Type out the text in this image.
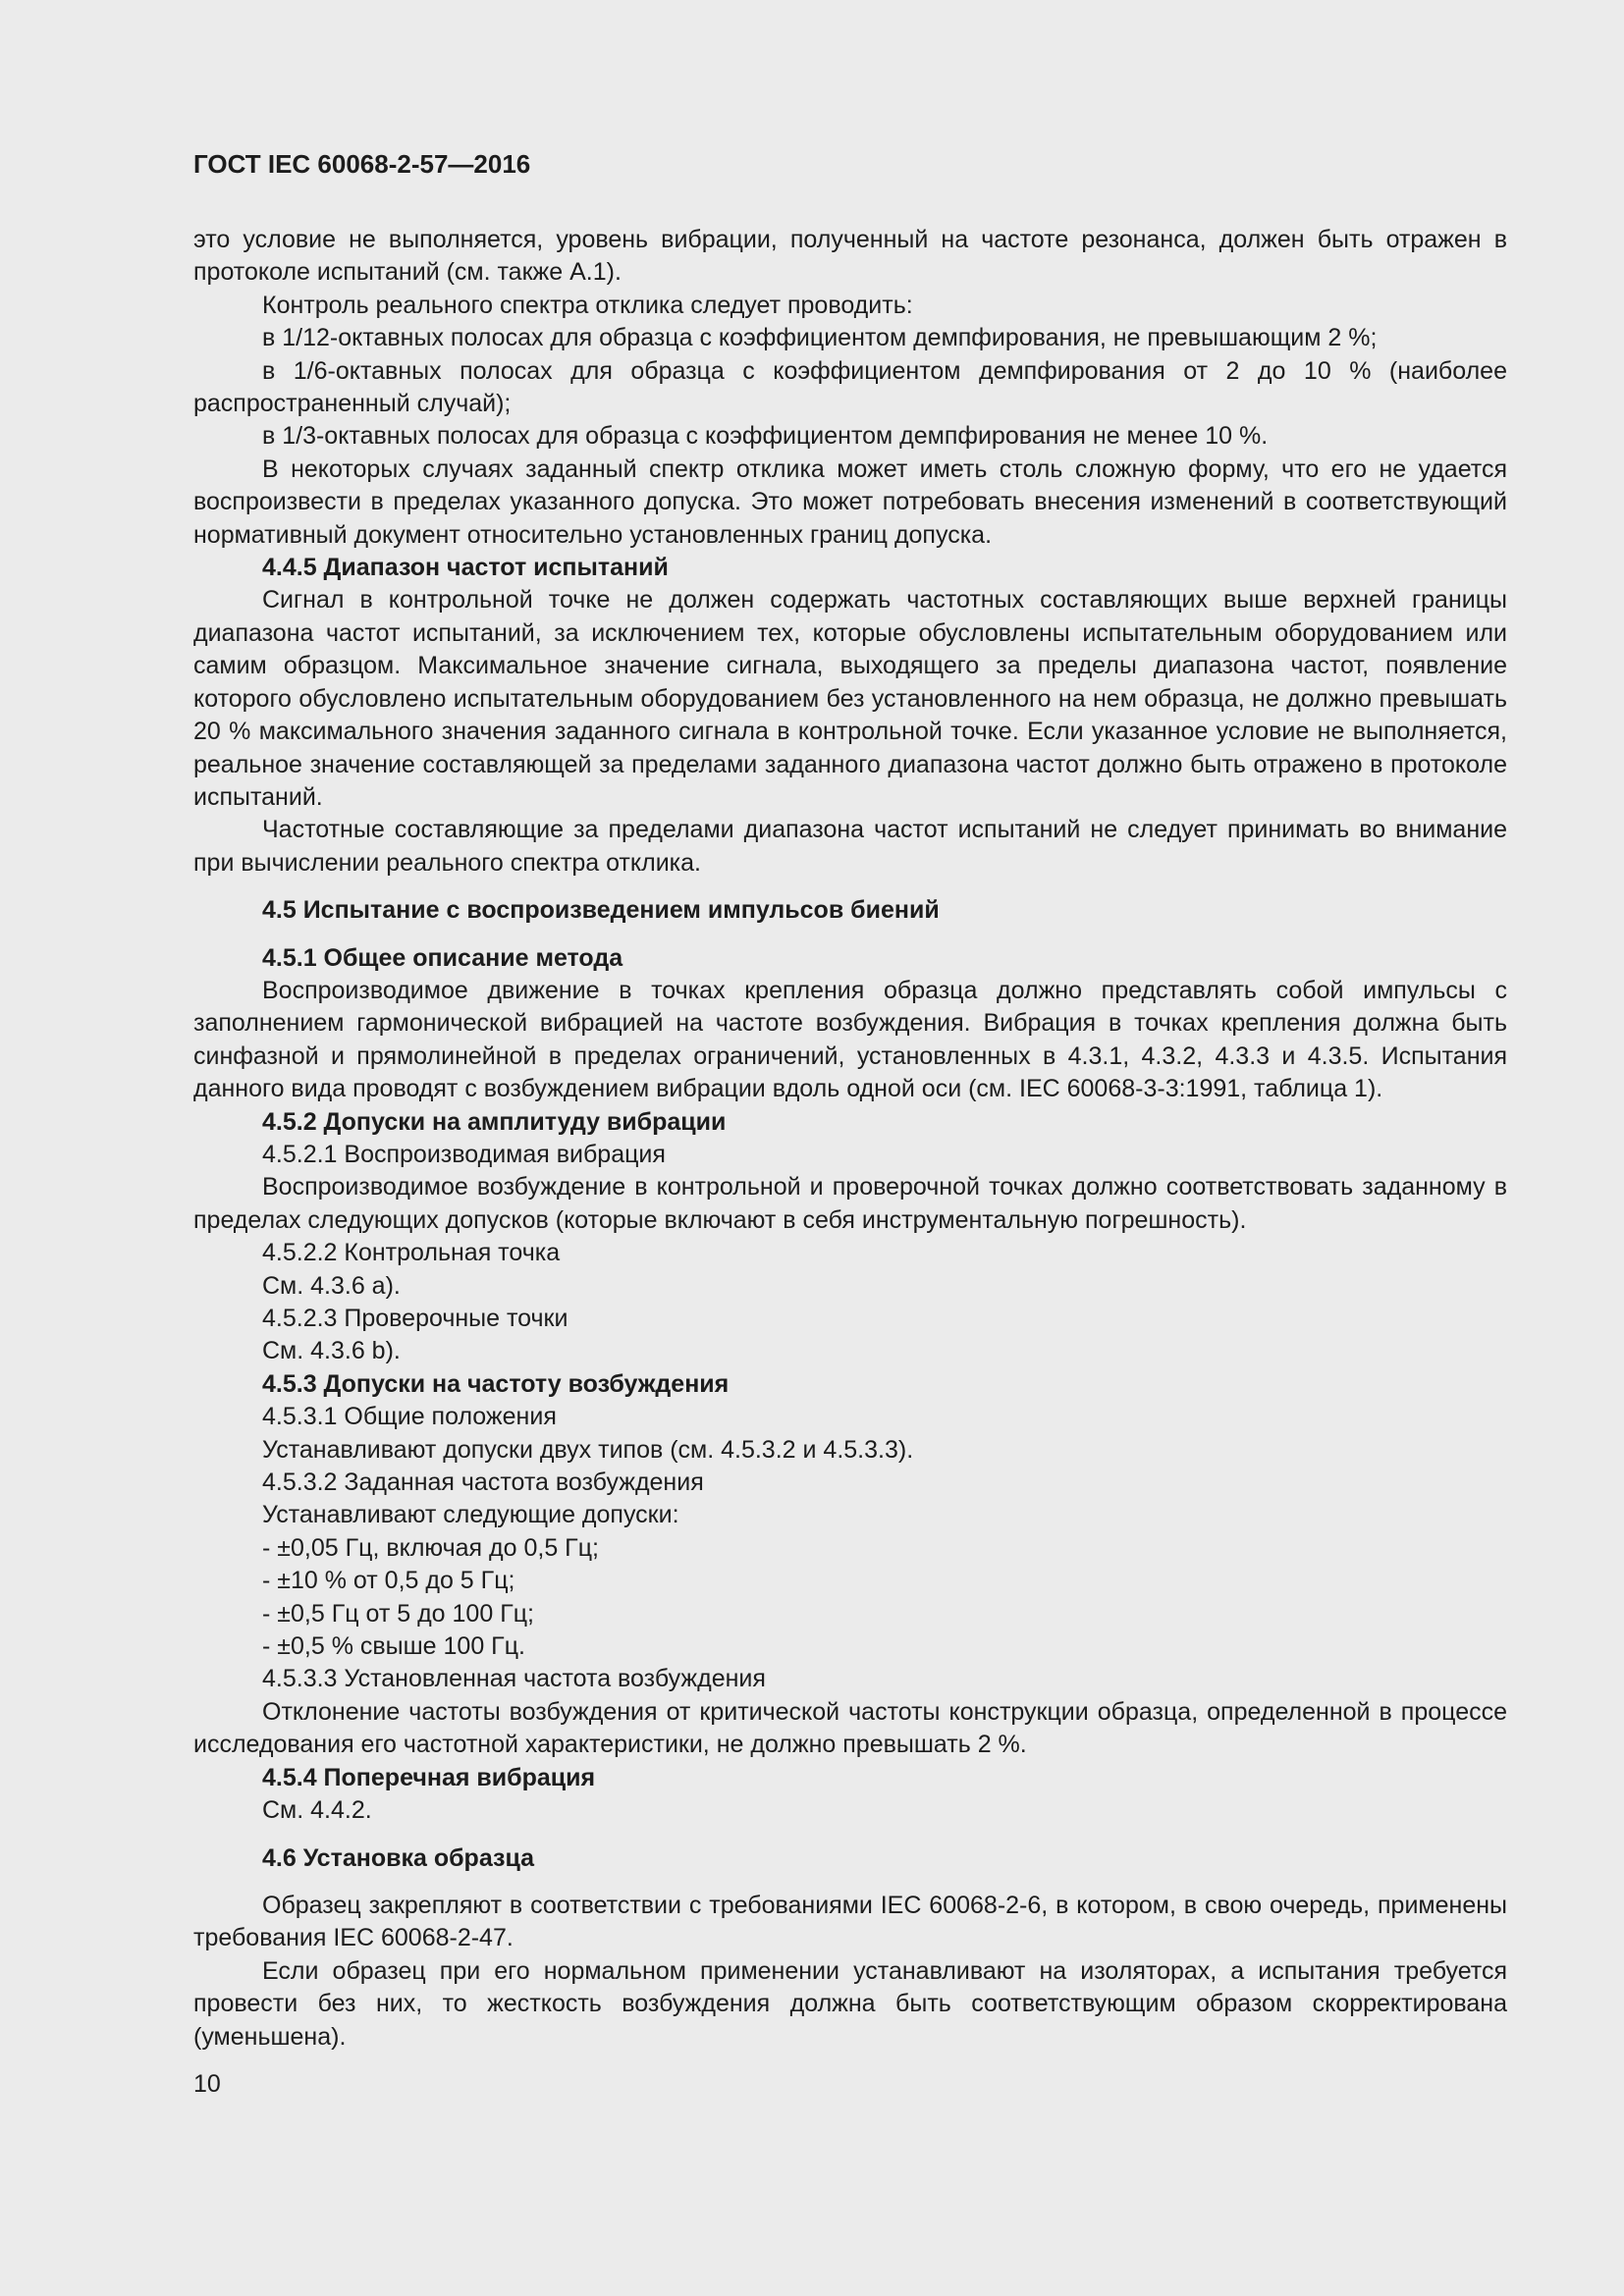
ГОСТ IEC 60068-2-57—2016

это условие не выполняется, уровень вибрации, полученный на частоте резонанса, должен быть отражен в протоколе испытаний (см. также А.1).

Контроль реального спектра отклика следует проводить:

в 1/12-октавных полосах для образца с коэффициентом демпфирования, не превышающим 2 %;

в 1/6-октавных полосах для образца с коэффициентом демпфирования от 2 до 10 % (наиболее распространенный случай);

в 1/3-октавных полосах для образца с коэффициентом демпфирования не менее 10 %.

В некоторых случаях заданный спектр отклика может иметь столь сложную форму, что его не удается воспроизвести в пределах указанного допуска. Это может потребовать внесения изменений в соответствующий нормативный документ относительно установленных границ допуска.

4.4.5 Диапазон частот испытаний

Сигнал в контрольной точке не должен содержать частотных составляющих выше верхней границы диапазона частот испытаний, за исключением тех, которые обусловлены испытательным оборудованием или самим образцом. Максимальное значение сигнала, выходящего за пределы диапазона частот, появление которого обусловлено испытательным оборудованием без установленного на нем образца, не должно превышать 20 % максимального значения заданного сигнала в контрольной точке. Если указанное условие не выполняется, реальное значение составляющей за пределами заданного диапазона частот должно быть отражено в протоколе испытаний.

Частотные составляющие за пределами диапазона частот испытаний не следует принимать во внимание при вычислении реального спектра отклика.

4.5 Испытание с воспроизведением импульсов биений

4.5.1 Общее описание метода

Воспроизводимое движение в точках крепления образца должно представлять собой импульсы с заполнением гармонической вибрацией на частоте возбуждения. Вибрация в точках крепления должна быть синфазной и прямолинейной в пределах ограничений, установленных в 4.3.1, 4.3.2, 4.3.3 и 4.3.5. Испытания данного вида проводят с возбуждением вибрации вдоль одной оси (см. IEC 60068-3-3:1991, таблица 1).

4.5.2 Допуски на амплитуду вибрации

4.5.2.1 Воспроизводимая вибрация

Воспроизводимое возбуждение в контрольной и проверочной точках должно соответствовать заданному в пределах следующих допусков (которые включают в себя инструментальную погрешность).

4.5.2.2 Контрольная точка

См. 4.3.6 а).

4.5.2.3 Проверочные точки

См. 4.3.6 b).

4.5.3 Допуски на частоту возбуждения

4.5.3.1 Общие положения

Устанавливают допуски двух типов (см. 4.5.3.2 и 4.5.3.3).

4.5.3.2 Заданная частота возбуждения

Устанавливают следующие допуски:

- ±0,05 Гц, включая до 0,5 Гц;

- ±10 % от 0,5 до 5 Гц;

- ±0,5 Гц от 5 до 100 Гц;

- ±0,5 % свыше 100 Гц.

4.5.3.3 Установленная частота возбуждения

Отклонение частоты возбуждения от критической частоты конструкции образца, определенной в процессе исследования его частотной характеристики, не должно превышать 2 %.

4.5.4 Поперечная вибрация

См. 4.4.2.

4.6 Установка образца

Образец закрепляют в соответствии с требованиями IEC 60068-2-6, в котором, в свою очередь, применены требования IEC 60068-2-47.

Если образец при его нормальном применении устанавливают на изоляторах, а испытания требуется провести без них, то жесткость возбуждения должна быть соответствующим образом скорректирована (уменьшена).

10
